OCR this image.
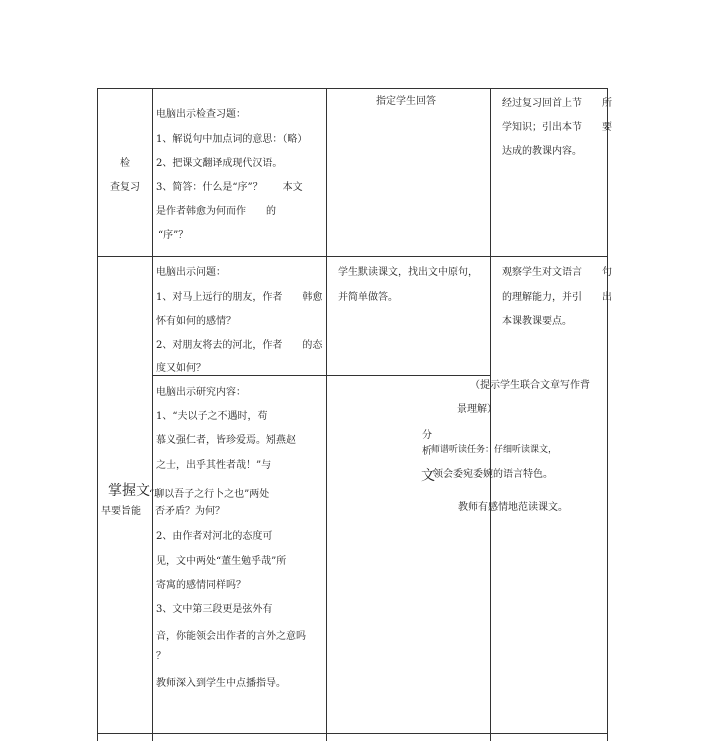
检
查复习
电脑出示检查习题：
1、解说句中加点词的意思：（略）
2、把课文翻译成现代汉语。
3、简答：什么是“序”？　　本文
是作者韩愈为何而作　　的
“序”？
指定学生回答	经过复习回首上节　　所
学知识；引出本节　　要
达成的教课内容。
掌握文
早要旨能
电脑出示问题：
1、对马上远行的朋友，作者　　韩愈
怀有如何的感情？
2、对朋友将去的河北，作者　　的态
度又如何？
学生默读课文，找出文中原句，
并简单做答。
观察学生对文语言　　句
的理解能力，并引　　出
本课教课要点。
电脑出示研究内容：
1、“夫以子之不遇时，苟
慕义强仁者，皆珍爱焉。矧燕赵
之士，出乎其性者哉！”与
“聊以吾子之行卜之也”两处
否矛盾？为何？
2、由作者对河北的态度可
见，文中两处“董生勉乎哉”所
寄寓的感情同样吗？
3、文中第三段更是弦外有
音，你能领会出作者的言外之意吗
？
教师深入到学生中点播指导。
（提示学生联合文章写作背
景理解）
分
析 师谱听读任务：仔细听读课文，
文
领会委宛委婉的语言特色。
教师有感情地范读课文。
